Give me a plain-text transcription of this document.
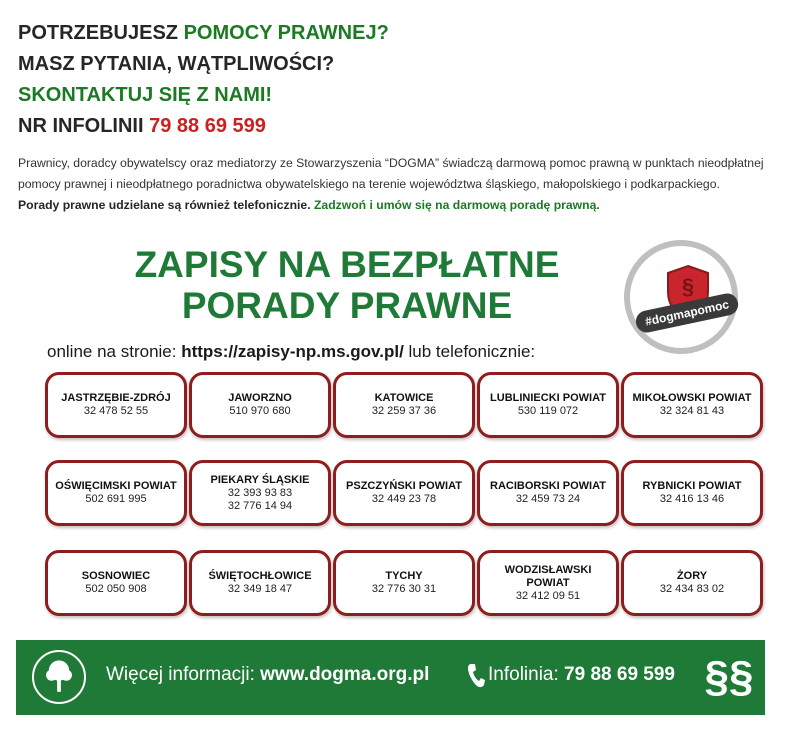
POTRZEBUJESZ POMOCY PRAWNEJ?
MASZ PYTANIA, WĄTPLIWOŚCI?
SKONTAKTUJ SIĘ Z NAMI!
NR INFOLINII 79 88 69 599
Prawnicy, doradcy obywatelscy oraz mediatorzy ze Stowarzyszenia “DOGMA” świadczą darmową pomoc prawną w punktach nieodpłatnej pomocy prawnej i nieodpłatnego poradnictwa obywatelskiego na terenie województwa śląskiego, małopolskiego i podkarpackiego.
Porady prawne udzielane są również telefonicznie. Zadzwoń i umów się na darmową poradę prawną.
ZAPISY NA BEZPŁATNE
PORADY PRAWNE	§
#dogmapomoc
online na stronie: https://zapisy-np.ms.gov.pl/ lub telefonicznie:
JASTRZĘBIE-ZDRÓJ
32 478 52 55
JAWORZNO
510 970 680
KATOWICE
32 259 37 36
LUBLINIECKI POWIAT
530 119 072
MIKOŁOWSKI POWIAT
32 324 81 43
OŚWIĘCIMSKI POWIAT
502 691 995
PIEKARY ŚLĄSKIE
32 393 93 83
32 776 14 94
PSZCZYŃSKI POWIAT
32 449 23 78
RACIBORSKI POWIAT
32 459 73 24
RYBNICKI POWIAT
32 416 13 46
SOSNOWIEC
502 050 908
ŚWIĘTOCHŁOWICE
32 349 18 47
TYCHY
32 776 30 31
WODZISŁAWSKI POWIAT
32 412 09 51
ŻORY
32 434 83 02
Więcej informacji: www.dogma.org.pl	Infolinia: 79 88 69 599 §§
